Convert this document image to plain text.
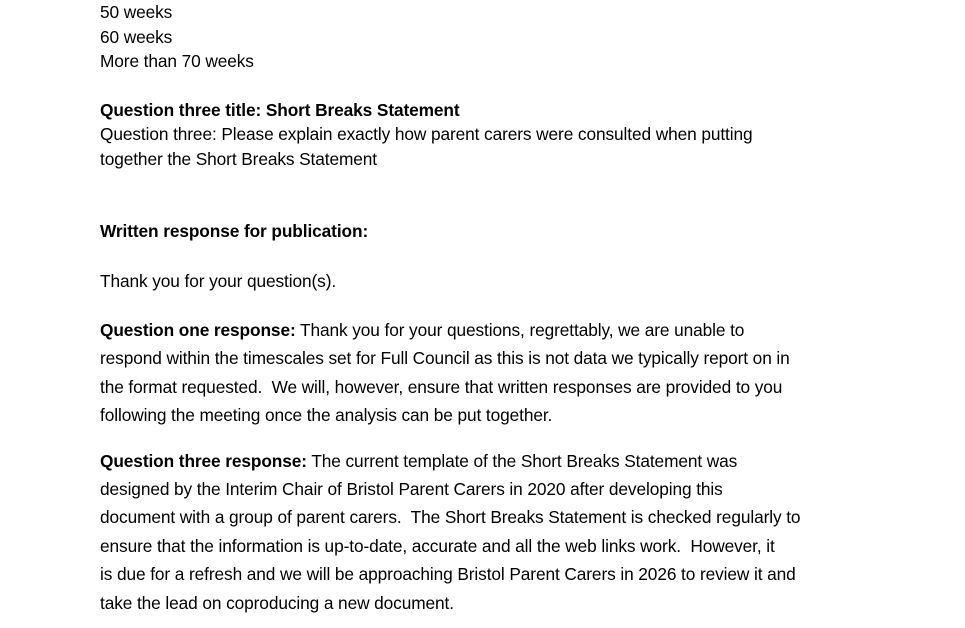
50 weeks
60 weeks
More than 70 weeks
Question three title: Short Breaks Statement
Question three: Please explain exactly how parent carers were consulted when putting
together the Short Breaks Statement
Written response for publication:
Thank you for your question(s).
Question one response: Thank you for your questions, regrettably, we are unable to
respond within the timescales set for Full Council as this is not data we typically report on in
the format requested.  We will, however, ensure that written responses are provided to you
following the meeting once the analysis can be put together.
Question three response: The current template of the Short Breaks Statement was
designed by the Interim Chair of Bristol Parent Carers in 2020 after developing this
document with a group of parent carers.  The Short Breaks Statement is checked regularly to
ensure that the information is up-to-date, accurate and all the web links work.  However, it
is due for a refresh and we will be approaching Bristol Parent Carers in 2026 to review it and
take the lead on coproducing a new document.
